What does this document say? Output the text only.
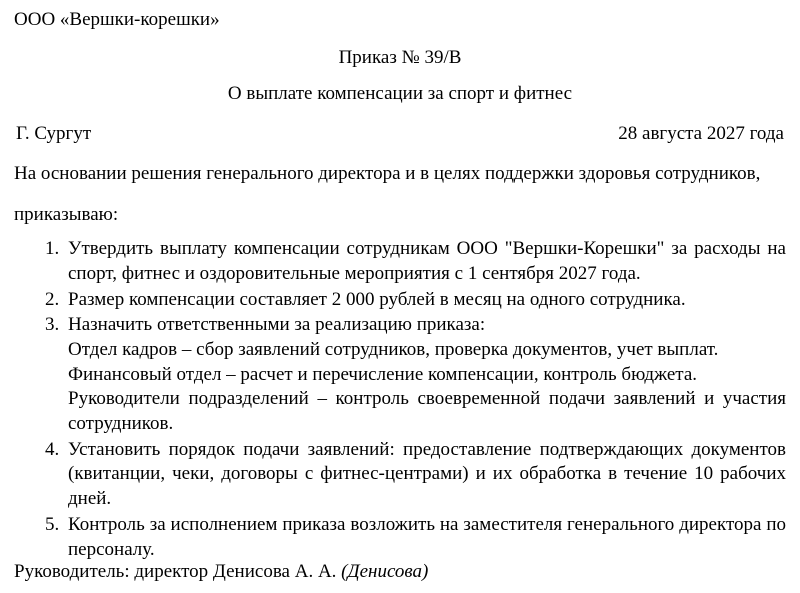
ООО «Вершки-корешки»
Приказ № 39/В
О выплате компенсации за спорт и фитнес
Г. Сургут	28 августа 2027 года
На основании решения генерального директора и в целях поддержки здоровья сотрудников,
приказываю:
1. Утвердить выплату компенсации сотрудникам ООО "Вершки-Корешки" за расходы на спорт, фитнес и оздоровительные мероприятия с 1 сентября 2027 года.
2. Размер компенсации составляет 2 000 рублей в месяц на одного сотрудника.
3. Назначить ответственными за реализацию приказа:
Отдел кадров – сбор заявлений сотрудников, проверка документов, учет выплат.
Финансовый отдел – расчет и перечисление компенсации, контроль бюджета.
Руководители подразделений – контроль своевременной подачи заявлений и участия сотрудников.
4. Установить порядок подачи заявлений: предоставление подтверждающих документов (квитанции, чеки, договоры с фитнес-центрами) и их обработка в течение 10 рабочих дней.
5. Контроль за исполнением приказа возложить на заместителя генерального директора по персоналу.
Руководитель: директор Денисова А. А. (Денисова)
